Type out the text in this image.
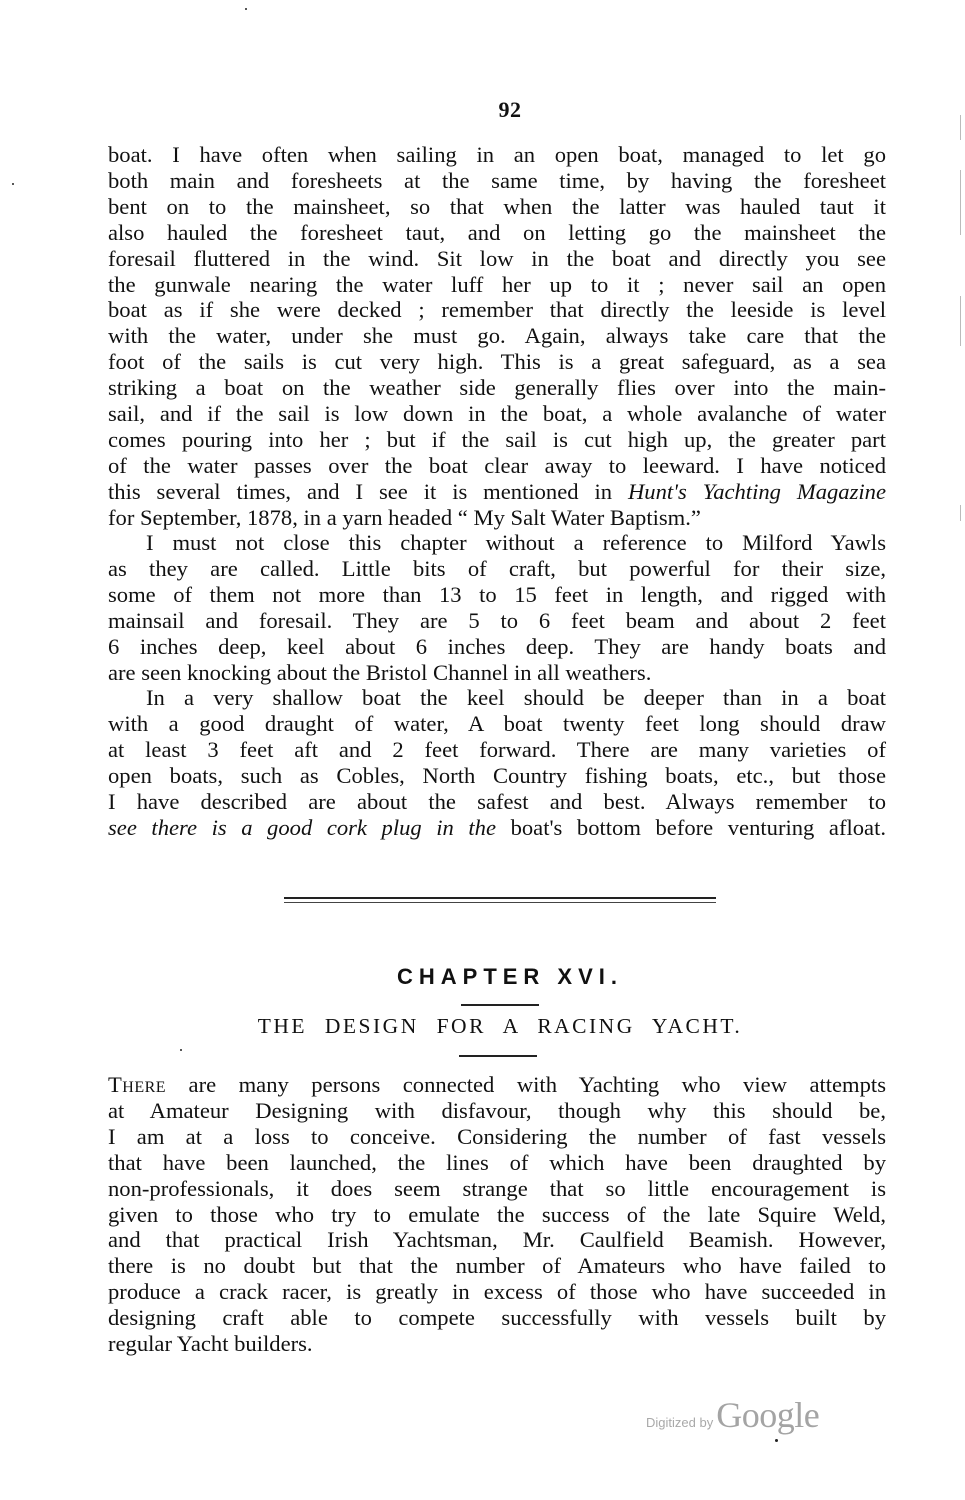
92
boat. I have often when sailing in an open boat, managed to let go
both main and foresheets at the same time, by having the foresheet
bent on to the mainsheet, so that when the latter was hauled taut it
also hauled the foresheet taut, and on letting go the mainsheet the
foresail fluttered in the wind. Sit low in the boat and directly you see
the gunwale nearing the water luff her up to it ; never sail an open
boat as if she were decked ; remember that directly the leeside is level
with the water, under she must go. Again, always take care that the
foot of the sails is cut very high. This is a great safeguard, as a sea
striking a boat on the weather side generally flies over into the main-
sail, and if the sail is low down in the boat, a whole avalanche of water
comes pouring into her ; but if the sail is cut high up, the greater part
of the water passes over the boat clear away to leeward. I have noticed
this several times, and I see it is mentioned in Hunt's Yachting Magazine
for September, 1878, in a yarn headed “ My Salt Water Baptism.”
I must not close this chapter without a reference to Milford Yawls
as they are called. Little bits of craft, but powerful for their size,
some of them not more than 13 to 15 feet in length, and rigged with
mainsail and foresail. They are 5 to 6 feet beam and about 2 feet
6 inches deep, keel about 6 inches deep. They are handy boats and
are seen knocking about the Bristol Channel in all weathers.
In a very shallow boat the keel should be deeper than in a boat
with a good draught of water, A boat twenty feet long should draw
at least 3 feet aft and 2 feet forward. There are many varieties of
open boats, such as Cobles, North Country fishing boats, etc., but those
I have described are about the safest and best. Always remember to
see there is a good cork plug in the boat's bottom before venturing afloat.
CHAPTER XVI.
THE DESIGN FOR A RACING YACHT.
There are many persons connected with Yachting who view attempts
at Amateur Designing with disfavour, though why this should be,
I am at a loss to conceive. Considering the number of fast vessels
that have been launched, the lines of which have been draughted by
non-professionals, it does seem strange that so little encouragement is
given to those who try to emulate the success of the late Squire Weld,
and that practical Irish Yachtsman, Mr. Caulfield Beamish. However,
there is no doubt but that the number of Amateurs who have failed to
produce a crack racer, is greatly in excess of those who have succeeded in
designing craft able to compete successfully with vessels built by
regular Yacht builders.
Digitized by Google
